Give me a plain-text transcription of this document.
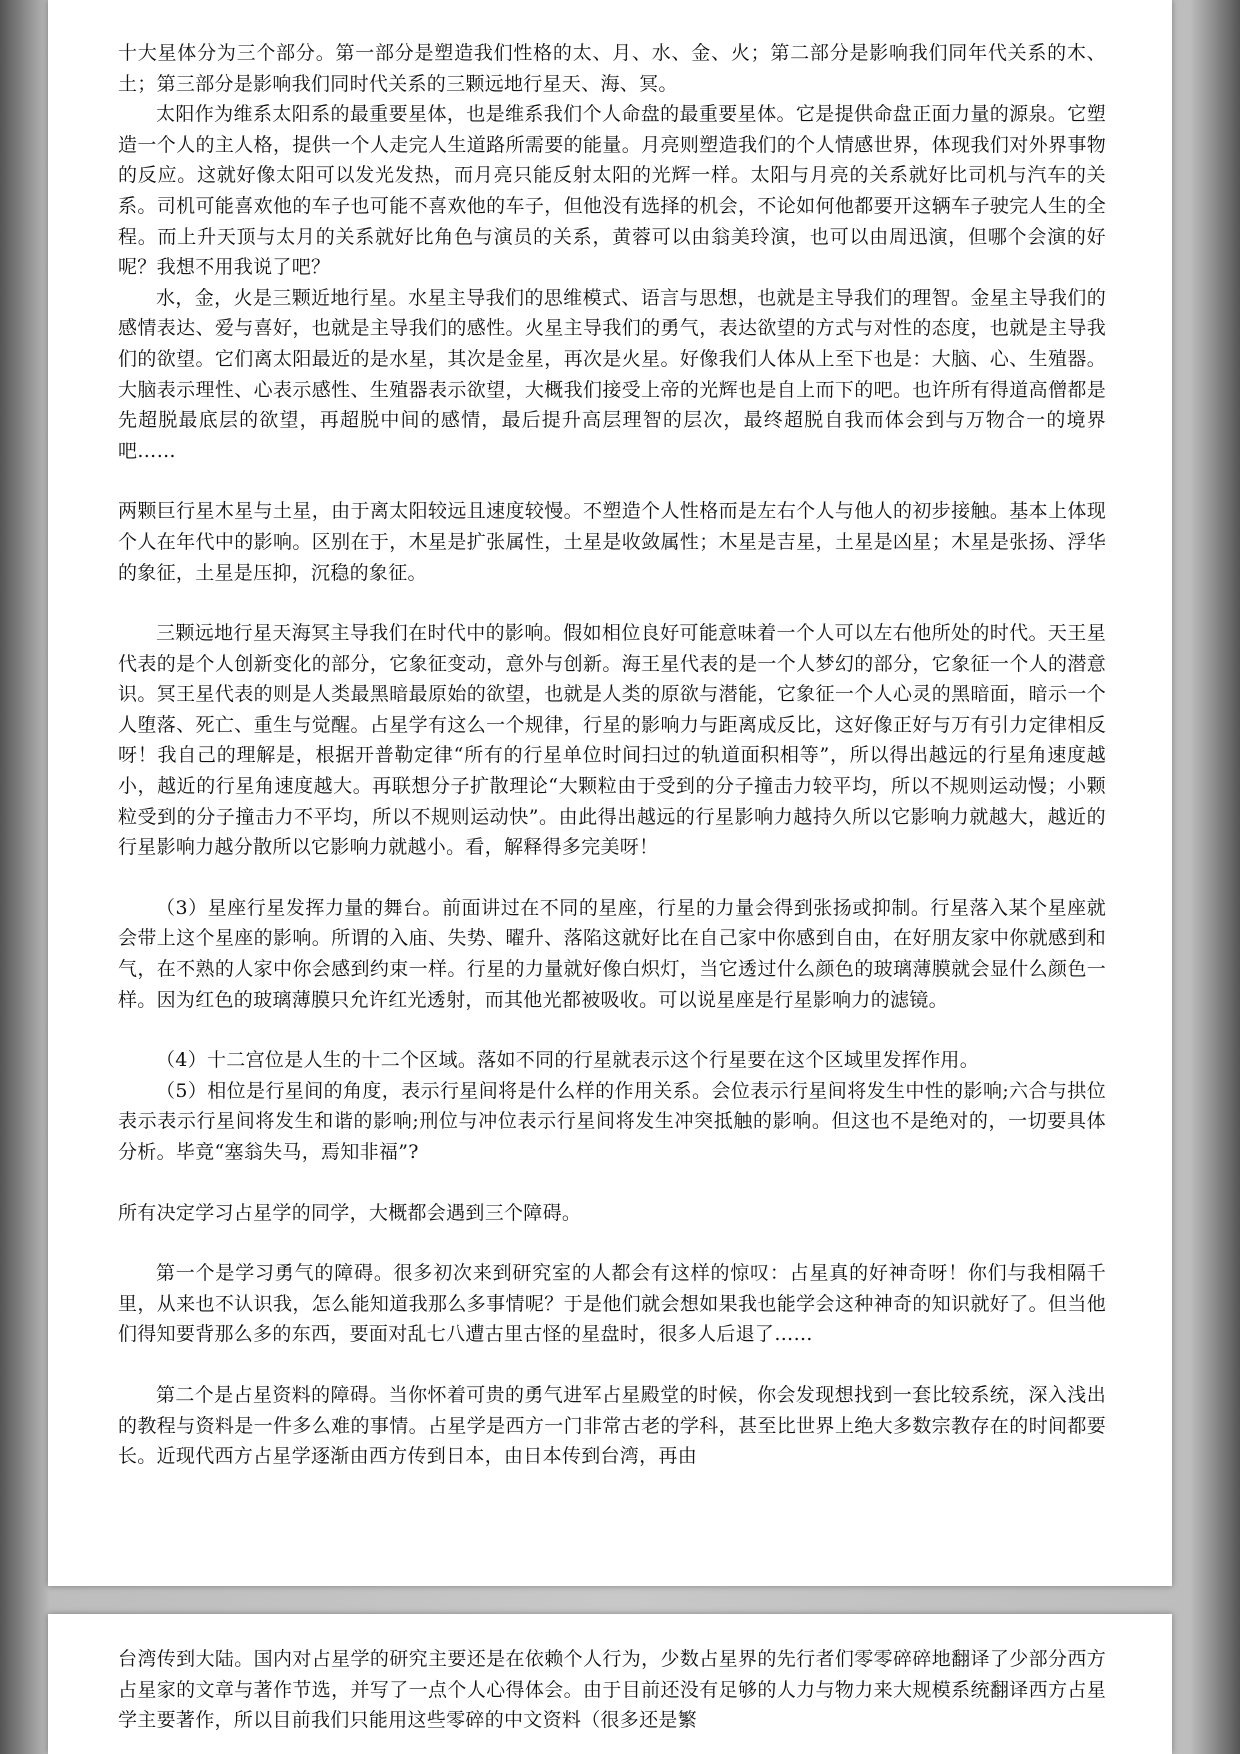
十大星体分为三个部分。第一部分是塑造我们性格的太、月、水、金、火；第二部分是影响我们同年代关系的木、土；第三部分是影响我们同时代关系的三颗远地行星天、海、冥。

太阳作为维系太阳系的最重要星体，也是维系我们个人命盘的最重要星体。它是提供命盘正面力量的源泉。它塑造一个人的主人格，提供一个人走完人生道路所需要的能量。月亮则塑造我们的个人情感世界，体现我们对外界事物的反应。这就好像太阳可以发光发热，而月亮只能反射太阳的光辉一样。太阳与月亮的关系就好比司机与汽车的关系。司机可能喜欢他的车子也可能不喜欢他的车子，但他没有选择的机会，不论如何他都要开这辆车子驶完人生的全程。而上升天顶与太月的关系就好比角色与演员的关系，黄蓉可以由翁美玲演，也可以由周迅演，但哪个会演的好呢？我想不用我说了吧？

水，金，火是三颗近地行星。水星主导我们的思维模式、语言与思想，也就是主导我们的理智。金星主导我们的感情表达、爱与喜好，也就是主导我们的感性。火星主导我们的勇气，表达欲望的方式与对性的态度，也就是主导我们的欲望。它们离太阳最近的是水星，其次是金星，再次是火星。好像我们人体从上至下也是：大脑、心、生殖器。大脑表示理性、心表示感性、生殖器表示欲望，大概我们接受上帝的光辉也是自上而下的吧。也许所有得道高僧都是先超脱最底层的欲望，再超脱中间的感情，最后提升高层理智的层次，最终超脱自我而体会到与万物合一的境界吧……

两颗巨行星木星与土星，由于离太阳较远且速度较慢。不塑造个人性格而是左右个人与他人的初步接触。基本上体现个人在年代中的影响。区别在于，木星是扩张属性，土星是收敛属性；木星是吉星，土星是凶星；木星是张扬、浮华的象征，土星是压抑，沉稳的象征。

三颗远地行星天海冥主导我们在时代中的影响。假如相位良好可能意味着一个人可以左右他所处的时代。天王星代表的是个人创新变化的部分，它象征变动，意外与创新。海王星代表的是一个人梦幻的部分，它象征一个人的潜意识。冥王星代表的则是人类最黑暗最原始的欲望，也就是人类的原欲与潜能，它象征一个人心灵的黑暗面，暗示一个人堕落、死亡、重生与觉醒。占星学有这么一个规律，行星的影响力与距离成反比，这好像正好与万有引力定律相反呀！我自己的理解是，根据开普勒定律“所有的行星单位时间扫过的轨道面积相等”，所以得出越远的行星角速度越小，越近的行星角速度越大。再联想分子扩散理论“大颗粒由于受到的分子撞击力较平均，所以不规则运动慢；小颗粒受到的分子撞击力不平均，所以不规则运动快”。由此得出越远的行星影响力越持久所以它影响力就越大，越近的行星影响力越分散所以它影响力就越小。看，解释得多完美呀！

（3）星座行星发挥力量的舞台。前面讲过在不同的星座，行星的力量会得到张扬或抑制。行星落入某个星座就会带上这个星座的影响。所谓的入庙、失势、曜升、落陷这就好比在自己家中你感到自由，在好朋友家中你就感到和气，在不熟的人家中你会感到约束一样。行星的力量就好像白炽灯，当它透过什么颜色的玻璃薄膜就会显什么颜色一样。因为红色的玻璃薄膜只允许红光透射，而其他光都被吸收。可以说星座是行星影响力的滤镜。

（4）十二宫位是人生的十二个区域。落如不同的行星就表示这个行星要在这个区域里发挥作用。

（5）相位是行星间的角度，表示行星间将是什么样的作用关系。会位表示行星间将发生中性的影响;六合与拱位表示表示行星间将发生和谐的影响;刑位与冲位表示行星间将发生冲突抵触的影响。但这也不是绝对的，一切要具体分析。毕竟“塞翁失马，焉知非福”?

所有决定学习占星学的同学，大概都会遇到三个障碍。

第一个是学习勇气的障碍。很多初次来到研究室的人都会有这样的惊叹：占星真的好神奇呀！你们与我相隔千里，从来也不认识我，怎么能知道我那么多事情呢？于是他们就会想如果我也能学会这种神奇的知识就好了。但当他们得知要背那么多的东西，要面对乱七八遭古里古怪的星盘时，很多人后退了……

第二个是占星资料的障碍。当你怀着可贵的勇气进军占星殿堂的时候，你会发现想找到一套比较系统，深入浅出的教程与资料是一件多么难的事情。占星学是西方一门非常古老的学科，甚至比世界上绝大多数宗教存在的时间都要长。近现代西方占星学逐渐由西方传到日本，由日本传到台湾，再由

台湾传到大陆。国内对占星学的研究主要还是在依赖个人行为，少数占星界的先行者们零零碎碎地翻译了少部分西方占星家的文章与著作节选，并写了一点个人心得体会。由于目前还没有足够的人力与物力来大规模系统翻译西方占星学主要著作，所以目前我们只能用这些零碎的中文资料（很多还是繁
